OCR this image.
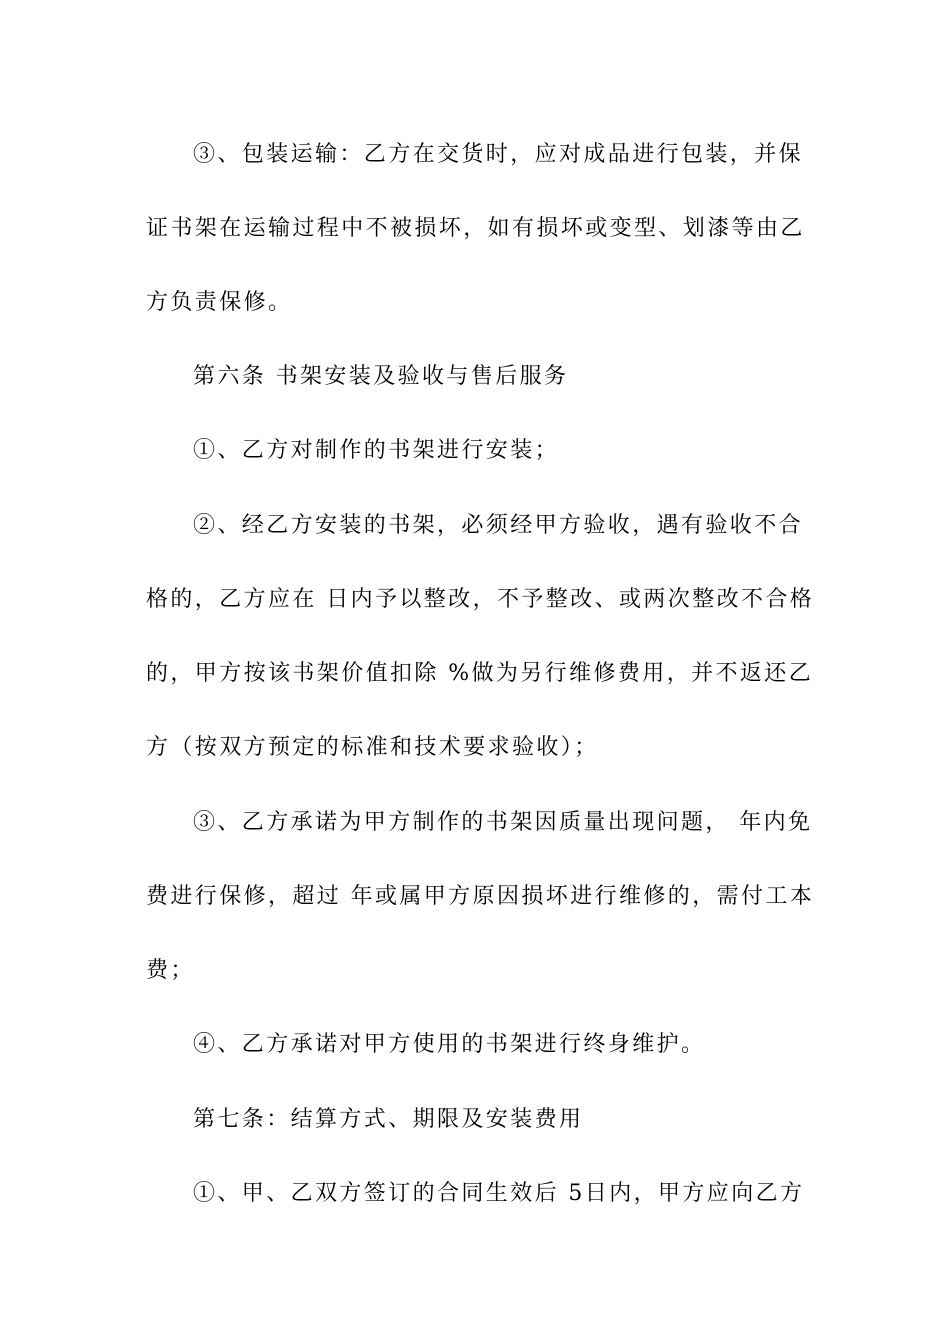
③、包装运输：乙方在交货时，应对成品进行包装，并保
证书架在运输过程中不被损坏，如有损坏或变型、划漆等由乙
方负责保修。
第六条 书架安装及验收与售后服务
①、乙方对制作的书架进行安装；
②、经乙方安装的书架，必须经甲方验收，遇有验收不合
格的，乙方应在 日内予以整改，不予整改、或两次整改不合格
的，甲方按该书架价值扣除 %做为另行维修费用，并不返还乙
方（按双方预定的标准和技术要求验收）；
③、乙方承诺为甲方制作的书架因质量出现问题， 年内免
费进行保修，超过 年或属甲方原因损坏进行维修的，需付工本
费；
④、乙方承诺对甲方使用的书架进行终身维护。
第七条：结算方式、期限及安装费用
①、甲、乙双方签订的合同生效后 5日内，甲方应向乙方
